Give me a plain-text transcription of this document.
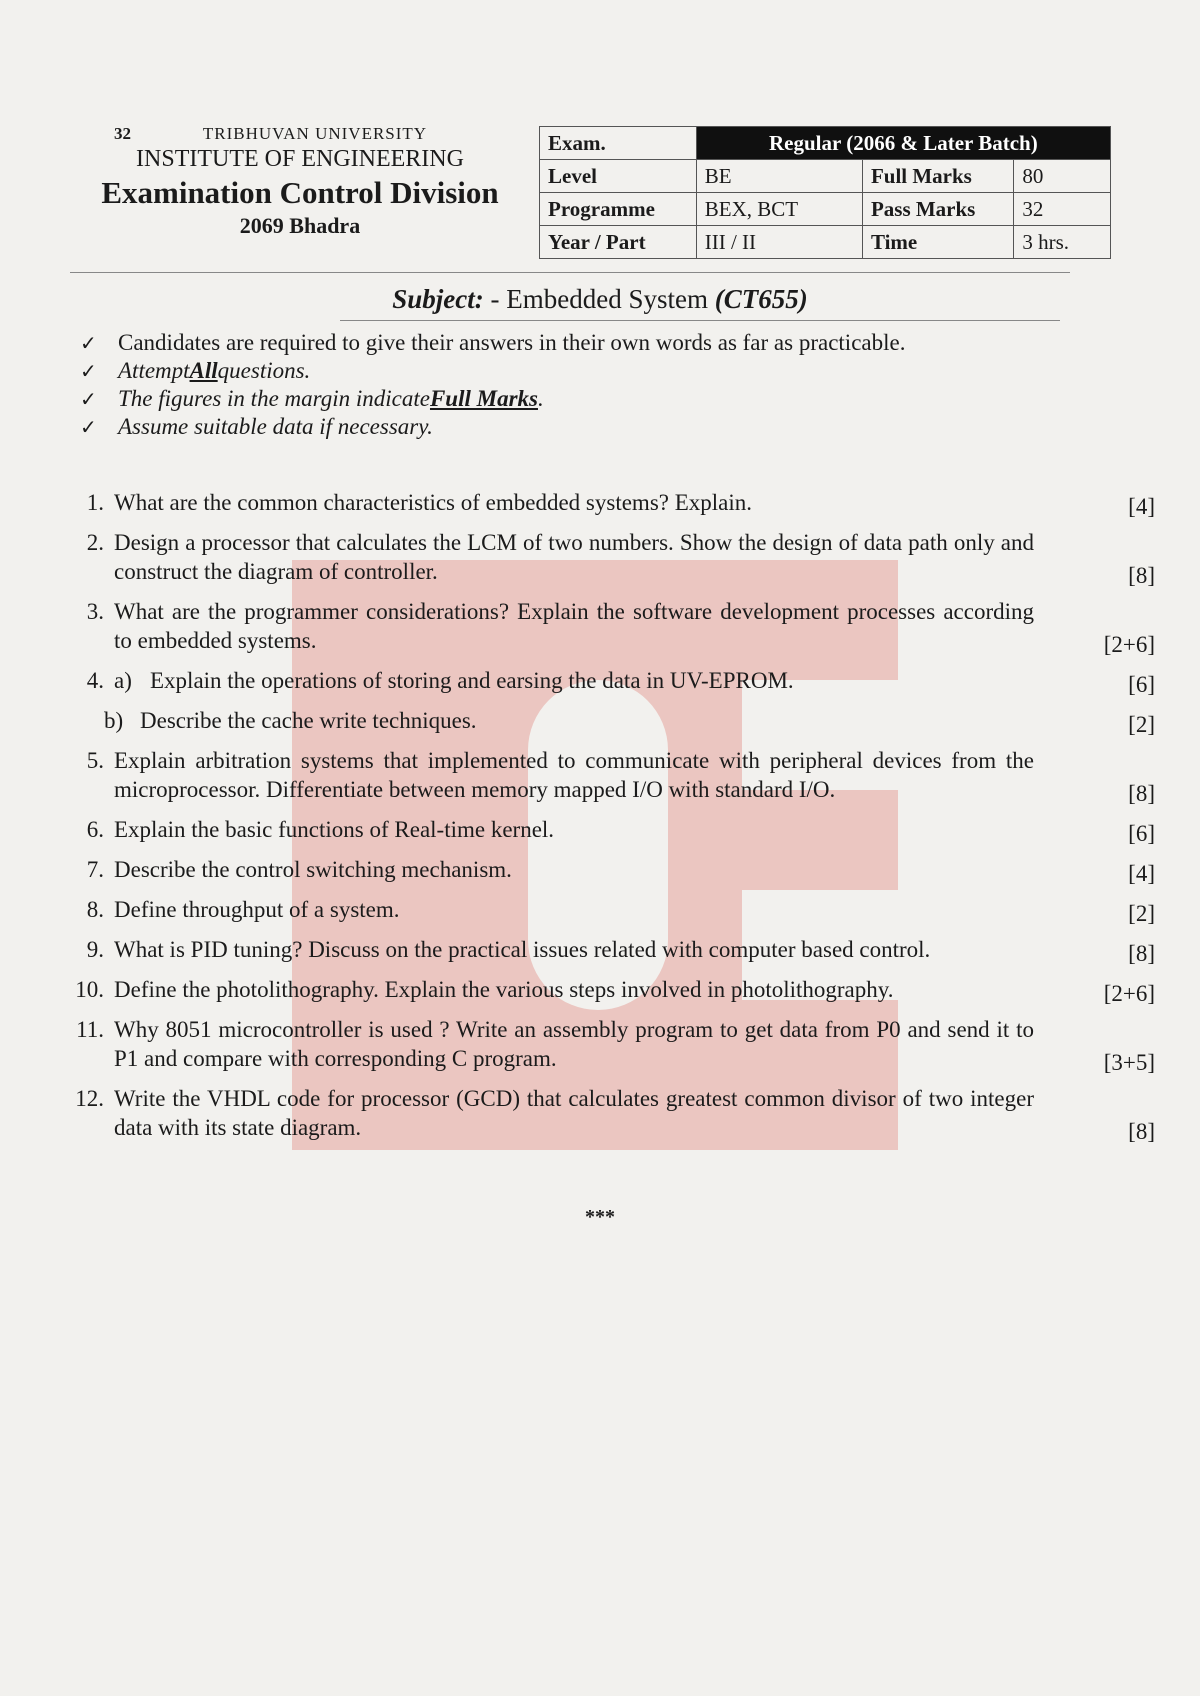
32	TRIBHUVAN UNIVERSITY
INSTITUTE OF ENGINEERING
Examination Control Division
2069 Bhadra
Exam.	Regular (2066 & Later Batch)		
Level	BE	Full Marks	80
Programme	BEX, BCT	Pass Marks	32
Year / Part	III / II	Time	3 hrs.
Subject: - Embedded System (CT655)
✓ Candidates are required to give their answers in their own words as far as practicable.
✓ Attempt All questions.
✓ The figures in the margin indicate Full Marks .
✓ Assume suitable data if necessary.
1. What are the common characteristics of embedded systems? Explain.	[4]
2. Design a processor that calculates the LCM of two numbers. Show the design of data path only and construct the diagram of controller.	[8]
3. What are the programmer considerations? Explain the software development processes according to embedded systems.	[2+6]
4. a) Explain the operations of storing and earsing the data in UV-EPROM.	[6]
b) Describe the cache write techniques.	[2]
5. Explain arbitration systems that implemented to communicate with peripheral devices from the microprocessor. Differentiate between memory mapped I/O with standard I/O.	[8]
6. Explain the basic functions of Real-time kernel.	[6]
7. Describe the control switching mechanism.	[4]
8. Define throughput of a system.	[2]
9. What is PID tuning? Discuss on the practical issues related with computer based control.	[8]
10. Define the photolithography. Explain the various steps involved in photolithography.	[2+6]
11. Why 8051 microcontroller is used ? Write an assembly program to get data from P0 and send it to P1 and compare with corresponding C program.	[3+5]
12. Write the VHDL code for processor (GCD) that calculates greatest common divisor of two integer data with its state diagram.	[8]
***
